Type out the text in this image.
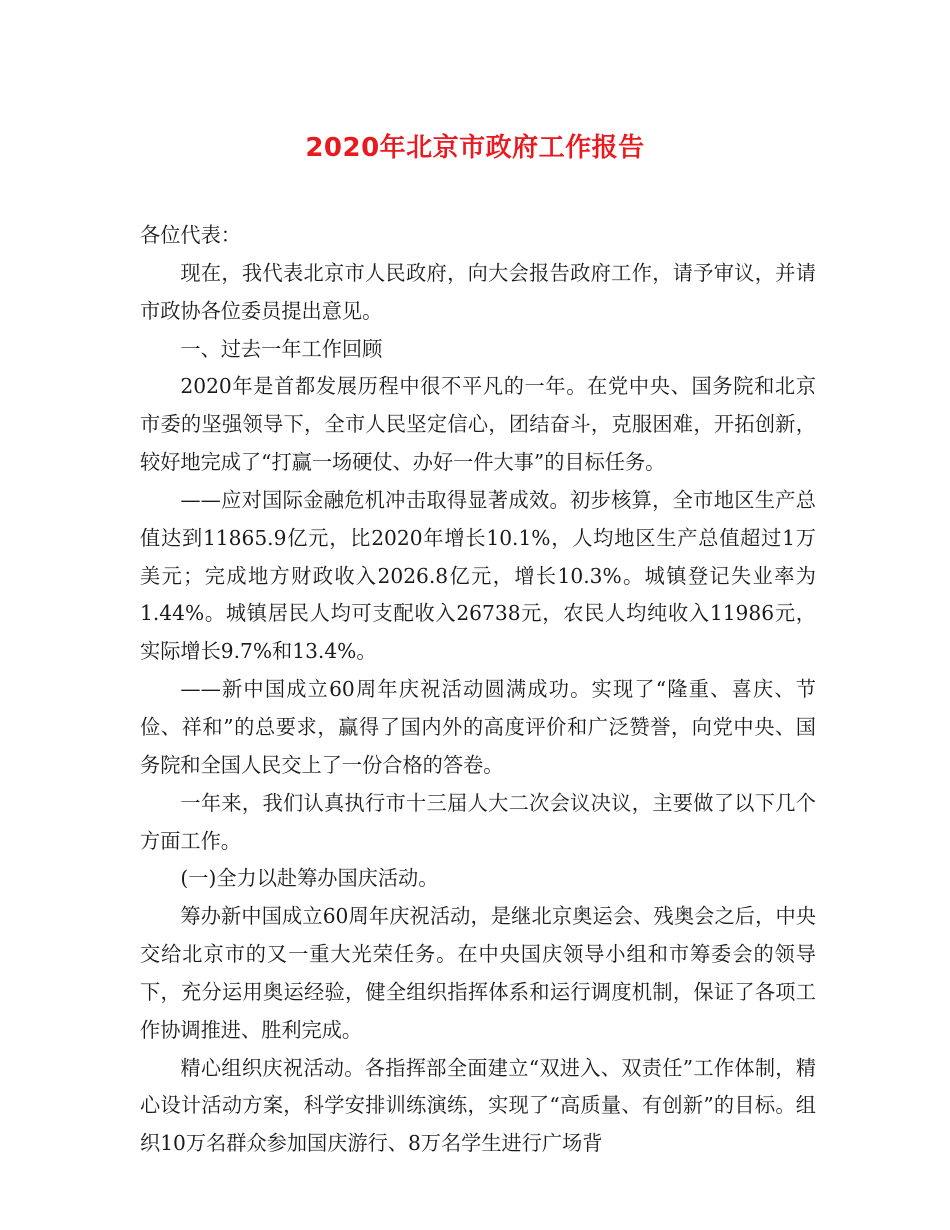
2020年北京市政府工作报告

各位代表：

现在，我代表北京市人民政府，向大会报告政府工作，请予审议，并请市政协各位委员提出意见。

一、过去一年工作回顾

2020年是首都发展历程中很不平凡的一年。在党中央、国务院和北京市委的坚强领导下，全市人民坚定信心，团结奋斗，克服困难，开拓创新，较好地完成了“打赢一场硬仗、办好一件大事”的目标任务。

——应对国际金融危机冲击取得显著成效。初步核算，全市地区生产总值达到11865.9亿元，比2020年增长10.1%，人均地区生产总值超过1万美元；完成地方财政收入2026.8亿元，增长10.3%。城镇登记失业率为1.44%。城镇居民人均可支配收入26738元，农民人均纯收入11986元，实际增长9.7%和13.4%。

——新中国成立60周年庆祝活动圆满成功。实现了“隆重、喜庆、节俭、祥和”的总要求，赢得了国内外的高度评价和广泛赞誉，向党中央、国务院和全国人民交上了一份合格的答卷。

一年来，我们认真执行市十三届人大二次会议决议，主要做了以下几个方面工作。

(一)全力以赴筹办国庆活动。

筹办新中国成立60周年庆祝活动，是继北京奥运会、残奥会之后，中央交给北京市的又一重大光荣任务。在中央国庆领导小组和市筹委会的领导下，充分运用奥运经验，健全组织指挥体系和运行调度机制，保证了各项工作协调推进、胜利完成。

精心组织庆祝活动。各指挥部全面建立“双进入、双责任”工作体制，精心设计活动方案，科学安排训练演练，实现了“高质量、有创新”的目标。组织10万名群众参加国庆游行、8万名学生进行广场背
